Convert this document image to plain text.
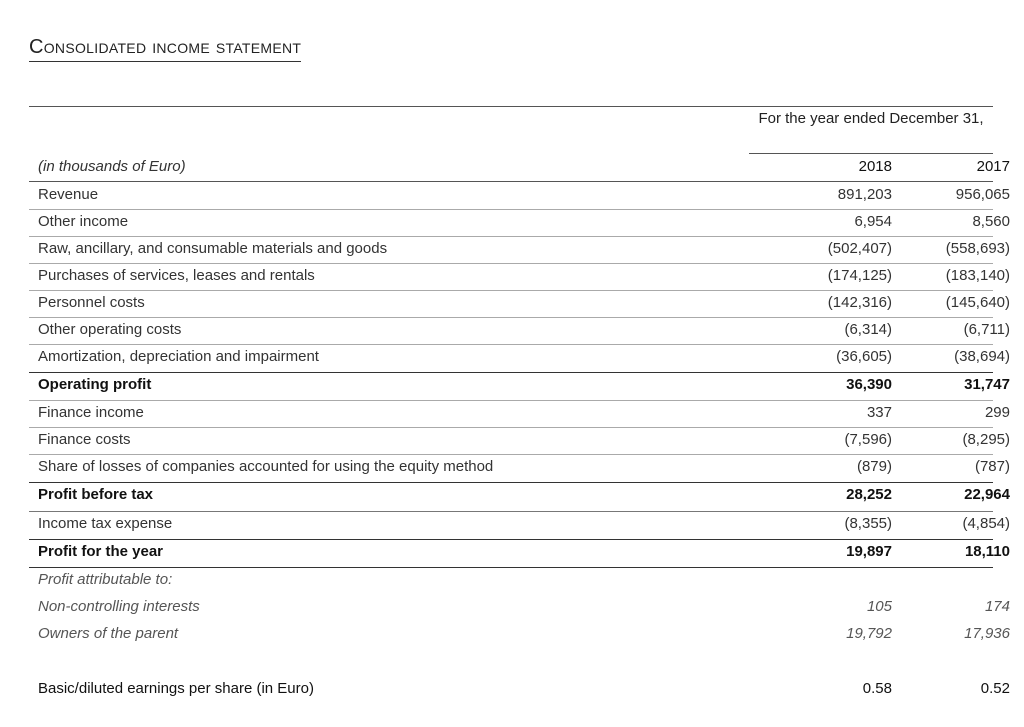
Consolidated income statement
For the year ended December 31,
(in thousands of Euro)	2018	2017
Revenue	891,203	956,065
Other income	6,954	8,560
Raw, ancillary, and consumable materials and goods	(502,407)	(558,693)
Purchases of services, leases and rentals	(174,125)	(183,140)
Personnel costs	(142,316)	(145,640)
Other operating costs	(6,314)	(6,711)
Amortization, depreciation and impairment	(36,605)	(38,694)
Operating profit	36,390	31,747
Finance income	337	299
Finance costs	(7,596)	(8,295)
Share of losses of companies accounted for using the equity method	(879)	(787)
Profit before tax	28,252	22,964
Income tax expense	(8,355)	(4,854)
Profit for the year	19,897	18,110
Profit attributable to:
Non-controlling interests	105	174
Owners of the parent	19,792	17,936
Basic/diluted earnings per share (in Euro)	0.58	0.52
